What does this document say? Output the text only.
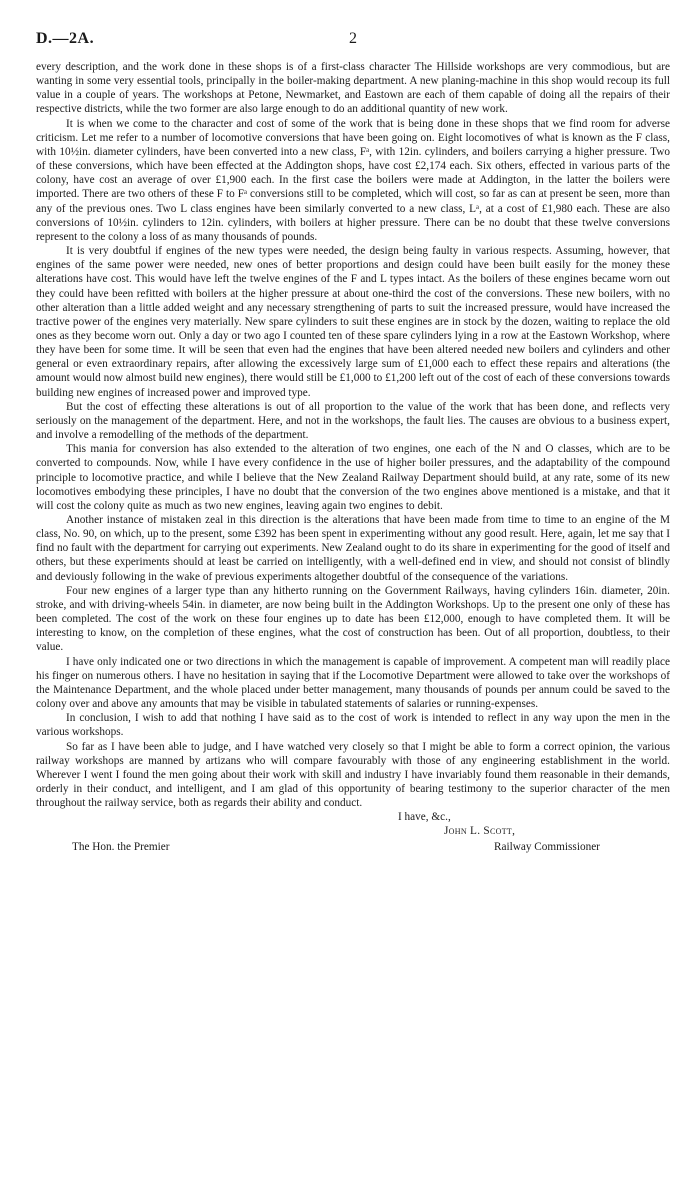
D.—2A.	2

every description, and the work done in these shops is of a first-class character The Hillside workshops are very commodious, but are wanting in some very essential tools, principally in the boiler-making department. A new planing-machine in this shop would recoup its full value in a couple of years. The workshops at Petone, Newmarket, and Eastown are each of them capable of doing all the repairs of their respective districts, while the two former are also large enough to do an additional quantity of new work.

It is when we come to the character and cost of some of the work that is being done in these shops that we find room for adverse criticism. Let me refer to a number of locomotive conversions that have been going on. Eight locomotives of what is known as the F class, with 10½in. diameter cylinders, have been converted into a new class, Fᵃ, with 12in. cylinders, and boilers carrying a higher pressure. Two of these conversions, which have been effected at the Addington shops, have cost £2,174 each. Six others, effected in various parts of the colony, have cost an average of over £1,900 each. In the first case the boilers were made at Addington, in the latter the boilers were imported. There are two others of these F to Fᵃ conversions still to be completed, which will cost, so far as can at present be seen, more than any of the previous ones. Two L class engines have been similarly converted to a new class, Lᵃ, at a cost of £1,980 each. These are also conversions of 10½in. cylinders to 12in. cylinders, with boilers at higher pressure. There can be no doubt that these twelve conversions represent to the colony a loss of as many thousands of pounds.

It is very doubtful if engines of the new types were needed, the design being faulty in various respects. Assuming, however, that engines of the same power were needed, new ones of better proportions and design could have been built easily for the money these alterations have cost. This would have left the twelve engines of the F and L types intact. As the boilers of these engines became worn out they could have been refitted with boilers at the higher pressure at about one-third the cost of the conversions. These new boilers, with no other alteration than a little added weight and any necessary strengthening of parts to suit the increased pressure, would have increased the tractive power of the engines very materially. New spare cylinders to suit these engines are in stock by the dozen, waiting to replace the old ones as they become worn out. Only a day or two ago I counted ten of these spare cylinders lying in a row at the Eastown Workshop, where they have been for some time. It will be seen that even had the engines that have been altered needed new boilers and cylinders and other general or even extraordinary repairs, after allowing the excessively large sum of £1,000 each to effect these repairs and alterations (the amount would now almost build new engines), there would still be £1,000 to £1,200 left out of the cost of each of these conversions towards building new engines of increased power and improved type.

But the cost of effecting these alterations is out of all proportion to the value of the work that has been done, and reflects very seriously on the management of the department. Here, and not in the workshops, the fault lies. The causes are obvious to a business expert, and involve a remodelling of the methods of the department.

This mania for conversion has also extended to the alteration of two engines, one each of the N and O classes, which are to be converted to compounds. Now, while I have every confidence in the use of higher boiler pressures, and the adaptability of the compound principle to locomotive practice, and while I believe that the New Zealand Railway Department should build, at any rate, some of its new locomotives embodying these principles, I have no doubt that the conversion of the two engines above mentioned is a mistake, and that it will cost the colony quite as much as two new engines, leaving again two engines to debit.

Another instance of mistaken zeal in this direction is the alterations that have been made from time to time to an engine of the M class, No. 90, on which, up to the present, some £392 has been spent in experimenting without any good result. Here, again, let me say that I find no fault with the department for carrying out experiments. New Zealand ought to do its share in experimenting for the good of itself and others, but these experiments should at least be carried on intelligently, with a well-defined end in view, and should not consist of blindly and deviously following in the wake of previous experiments altogether doubtful of the consequence of the variations.

Four new engines of a larger type than any hitherto running on the Government Railways, having cylinders 16in. diameter, 20in. stroke, and with driving-wheels 54in. in diameter, are now being built in the Addington Workshops. Up to the present one only of these has been completed. The cost of the work on these four engines up to date has been £12,000, enough to have completed them. It will be interesting to know, on the completion of these engines, what the cost of construction has been. Out of all proportion, doubtless, to their value.

I have only indicated one or two directions in which the management is capable of improvement. A competent man will readily place his finger on numerous others. I have no hesitation in saying that if the Locomotive Department were allowed to take over the workshops of the Maintenance Department, and the whole placed under better management, many thousands of pounds per annum could be saved to the colony over and above any amounts that may be visible in tabulated statements of salaries or running-expenses.

In conclusion, I wish to add that nothing I have said as to the cost of work is intended to reflect in any way upon the men in the various workshops.

So far as I have been able to judge, and I have watched very closely so that I might be able to form a correct opinion, the various railway workshops are manned by artizans who will compare favourably with those of any engineering establishment in the world. Wherever I went I found the men going about their work with skill and industry I have invariably found them reasonable in their demands, orderly in their conduct, and intelligent, and I am glad of this opportunity of bearing testimony to the superior character of the men throughout the railway service, both as regards their ability and conduct.

I have, &c.,
John L. Scott,
The Hon. the Premier	Railway Commissioner
